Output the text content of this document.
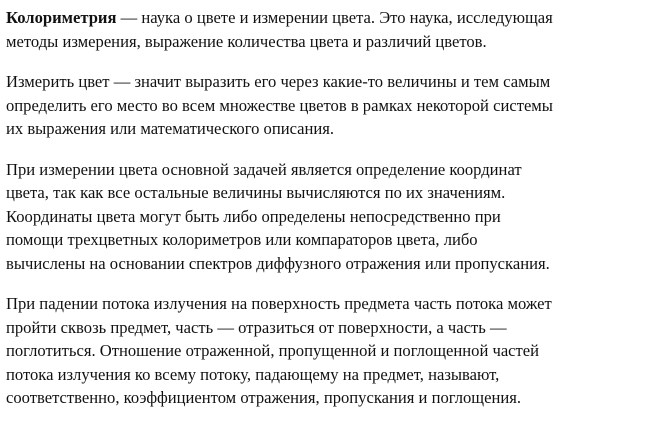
Колориметрия — наука о цвете и измерении цвета. Это наука, исследующая
методы измерения, выражение количества цвета и различий цветов.

Измерить цвет — значит выразить его через какие-то величины и тем самым
определить его место во всем множестве цветов в рамках некоторой системы
их выражения или математического описания.

При измерении цвета основной задачей является определение координат
цвета, так как все остальные величины вычисляются по их значениям.
Координаты цвета могут быть либо определены непосредственно при
помощи трехцветных колориметров или компараторов цвета, либо
вычислены на основании спектров диффузного отражения или пропускания.

При падении потока излучения на поверхность предмета часть потока может
пройти сквозь предмет, часть — отразиться от поверхности, а часть —
поглотиться. Отношение отраженной, пропущенной и поглощенной частей
потока излучения ко всему потоку, падающему на предмет, называют,
соответственно, коэффициентом отражения, пропускания и поглощения.
